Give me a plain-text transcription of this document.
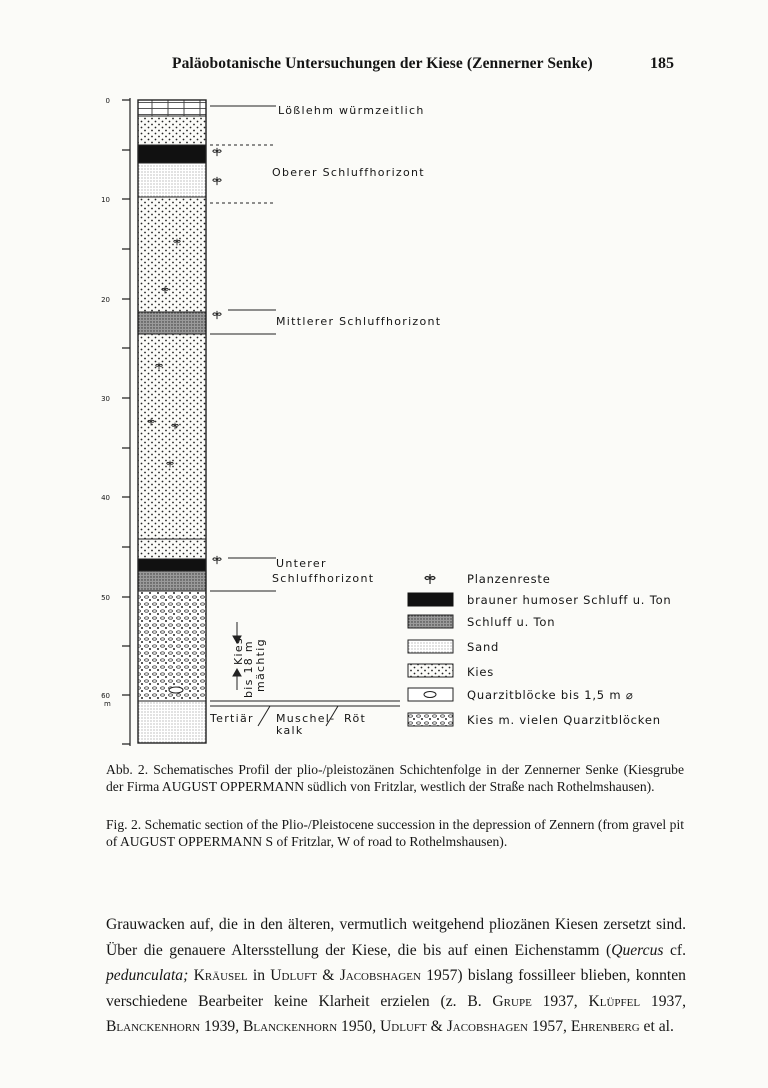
Paläobotanische Untersuchungen der Kiese (Zennerner Senke)	185
0
10
20
30
40
50
60
m
Lößlehm würmzeitlich
Oberer Schluffhorizont
Mittlerer Schluffhorizont
Unterer
Schluffhorizont
Kies
bis 18 m mächtig
Tertiär Muschel-
kalk
Röt
Planzenreste
brauner humoser Schluff u. Ton
Schluff u. Ton
Sand
Kies
Quarzitblöcke bis 1,5 m ⌀
Kies m. vielen Quarzitblöcken
Abb. 2. Schematisches Profil der plio-/pleistozänen Schichtenfolge in der Zennerner Senke (Kiesgrube der Firma AUGUST OPPERMANN südlich von Fritzlar, westlich der Straße nach Rothelmshausen).
Fig. 2. Schematic section of the Plio-/Pleistocene succession in the depression of Zennern (from gravel pit of AUGUST OPPERMANN S of Fritzlar, W of road to Rothelmshausen).
Grauwacken auf, die in den älteren, vermutlich weitgehend pliozänen Kiesen zersetzt sind. Über die genauere Altersstellung der Kiese, die bis auf einen Eichenstamm (Quercus cf. pedunculata; Kräusel in Udluft & Jacobshagen 1957) bislang fossilleer blieben, konnten verschiedene Bearbeiter keine Klarheit erzielen (z. B. Grupe 1937, Klüpfel 1937, Blanckenhorn 1939, Blanckenhorn 1950, Udluft & Jacobshagen 1957, Ehrenberg et al.
